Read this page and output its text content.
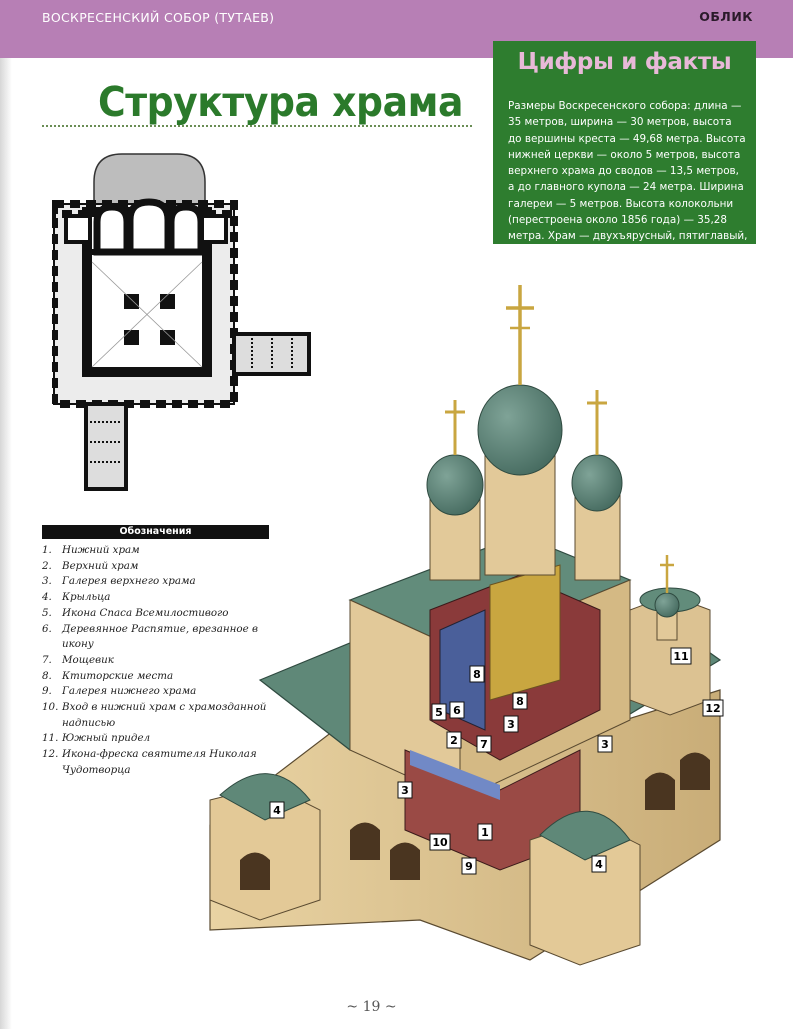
ВОСКРЕСЕНСКИЙ СОБОР (ТУТАЕВ)	ОБЛИК
Структура храма
Цифры и факты

Размеры Воскресенского собора: длина — 35 метров, ширина — 30 метров, высота до вершины креста — 49,68 метра. Высота нижней церкви — около 5 метров, высота верхнего храма до сводов — 13,5 метров, а до главного купола — 24 метра. Ширина галереи — 5 метров. Высота колокольни (перестроена около 1856 года) — 35,28 метра. Храм — двухъярусный, пятиглавый, трехнефный и трехапсидный.

Обозначения
1. Нижний храм
2. Верхний храм
3. Галерея верхнего храма
4. Крыльца
5. Икона Спаса Всемилостивого
6. Деревянное Распятие, врезанное в икону
7. Мощевик
8. Ктиторские места
9. Галерея нижнего храма
10. Вход в нижний храм с храмозданной надписью
11. Южный придел
12. Икона-фреска святителя Николая Чудотворца
8
5 6
8
2 7
3
3
3
1
10
9
4
4
11
12
~ 19 ~
